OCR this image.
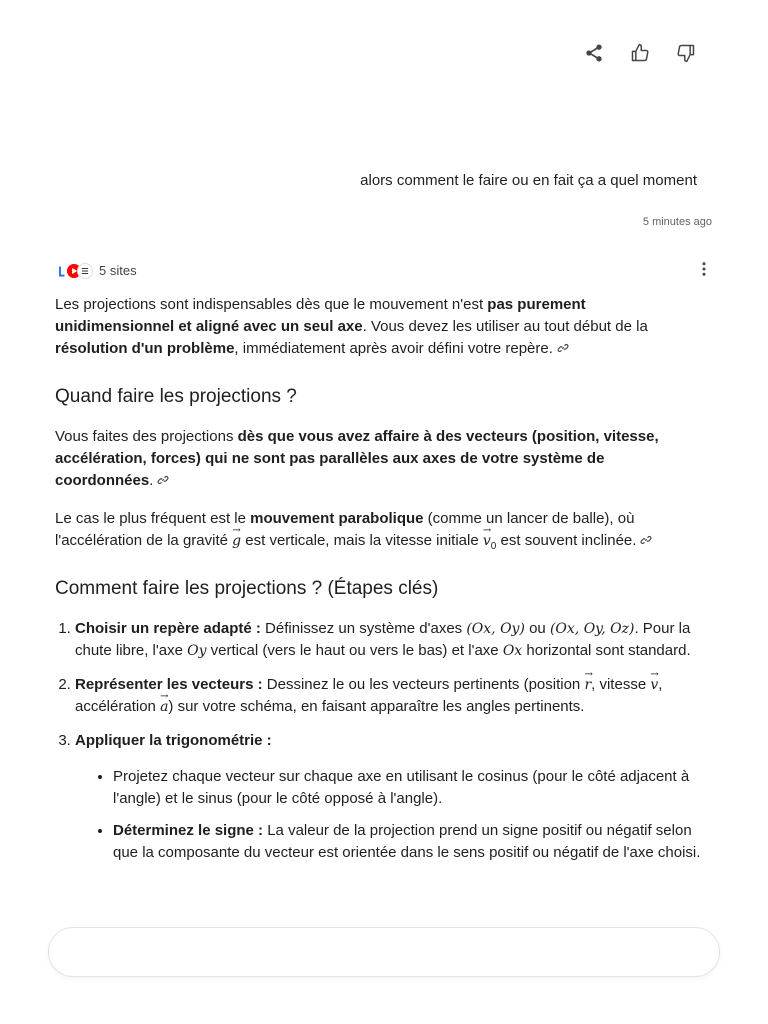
alors comment le faire ou en fait ça a quel moment
5 minutes ago
5 sites

Les projections sont indispensables dès que le mouvement n'est pas purement unidimensionnel et aligné avec un seul axe. Vous devez les utiliser au tout début de la résolution d'un problème, immédiatement après avoir défini votre repère.

Quand faire les projections ?

Vous faites des projections dès que vous avez affaire à des vecteurs (position, vitesse, accélération, forces) qui ne sont pas parallèles aux axes de votre système de coordonnées.

Le cas le plus fréquent est le mouvement parabolique (comme un lancer de balle), où l'accélération de la gravité → g est verticale, mais la vitesse initiale → $v_0$ est souvent inclinée.

Comment faire les projections ? (Étapes clés)
1. Choisir un repère adapté : Définissez un système d'axes (Ox, Oy) ou (Ox, Oy, Oz). Pour la chute libre, l'axe Oy vertical (vers le haut ou vers le bas) et l'axe Ox horizontal sont standard.
2. Représenter les vecteurs : Dessinez le ou les vecteurs pertinents (position → r, vitesse → v, accélération → a) sur votre schéma, en faisant apparaître les angles pertinents.
3. Appliquer la trigonométrie :
• Projetez chaque vecteur sur chaque axe en utilisant le cosinus (pour le côté adjacent à l'angle) et le sinus (pour le côté opposé à l'angle).
• Déterminez le signe : La valeur de la projection prend un signe positif ou négatif selon que la composante du vecteur est orientée dans le sens positif ou négatif de l'axe choisi.
